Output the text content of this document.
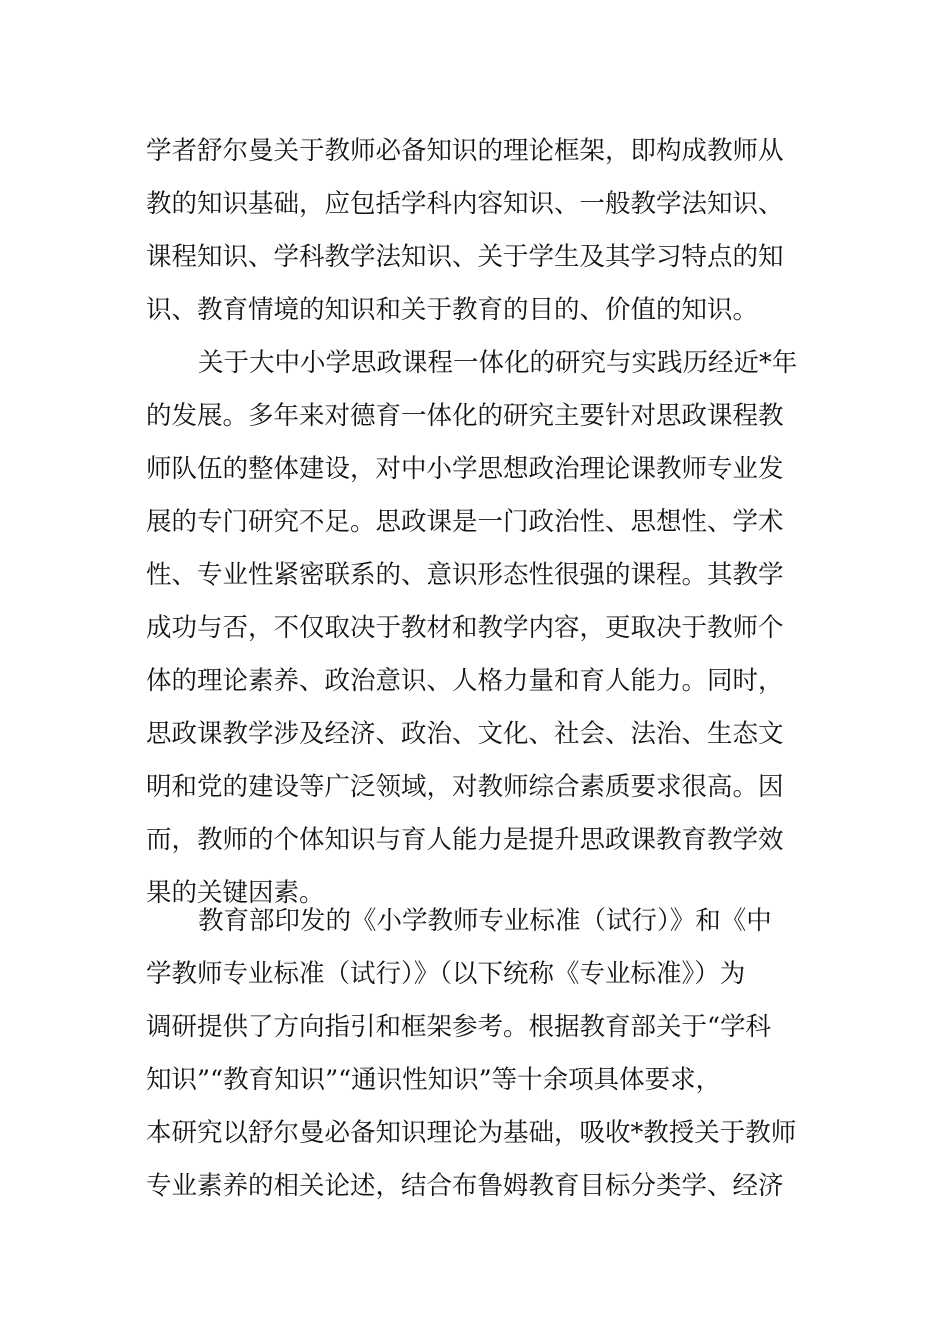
学者舒尔曼关于教师必备知识的理论框架，即构成教师从
教的知识基础，应包括学科内容知识、一般教学法知识、
课程知识、学科教学法知识、关于学生及其学习特点的知
识、教育情境的知识和关于教育的目的、价值的知识。
关于大中小学思政课程一体化的研究与实践历经近*年
的发展。多年来对德育一体化的研究主要针对思政课程教
师队伍的整体建设，对中小学思想政治理论课教师专业发
展的专门研究不足。思政课是一门政治性、思想性、学术
性、专业性紧密联系的、意识形态性很强的课程。其教学
成功与否，不仅取决于教材和教学内容，更取决于教师个
体的理论素养、政治意识、人格力量和育人能力。同时，
思政课教学涉及经济、政治、文化、社会、法治、生态文
明和党的建设等广泛领域，对教师综合素质要求很高。因
而，教师的个体知识与育人能力是提升思政课教育教学效
果的关键因素。
教育部印发的《小学教师专业标准（试行）》和《中
学教师专业标准（试行）》（以下统称《专业标准》）为
调研提供了方向指引和框架参考。根据教育部关于“学科
知识”“教育知识”“通识性知识”等十余项具体要求，
本研究以舒尔曼必备知识理论为基础，吸收*教授关于教师
专业素养的相关论述，结合布鲁姆教育目标分类学、经济
